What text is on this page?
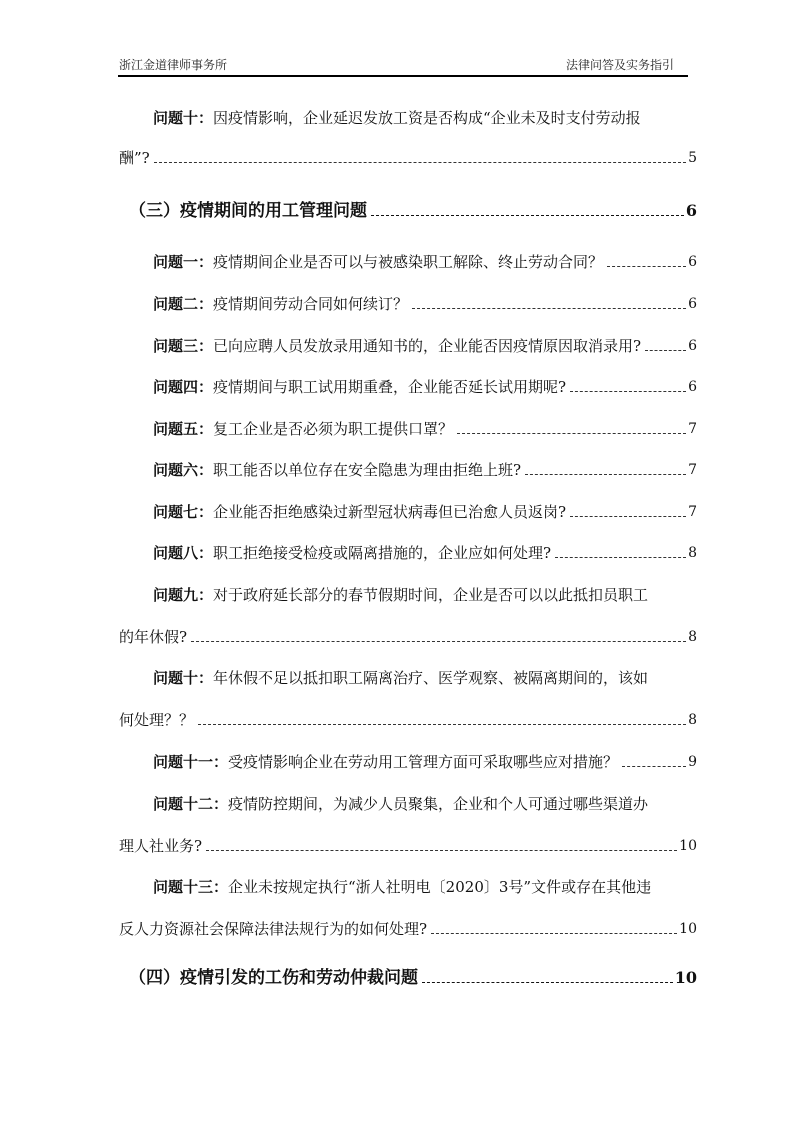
浙江金道律师事务所	法律问答及实务指引
问题十： 因疫情影响，企业延迟发放工资是否构成“企业未及时支付劳动报
酬”?	5
（三）疫情期间的用工管理问题	6
问题一： 疫情期间企业是否可以与被感染职工解除、终止劳动合同？	6
问题二： 疫情期间劳动合同如何续订？	6
问题三： 已向应聘人员发放录用通知书的，企业能否因疫情原因取消录用?	6
问题四： 疫情期间与职工试用期重叠，企业能否延长试用期呢?	6
问题五： 复工企业是否必须为职工提供口罩？	7
问题六： 职工能否以单位存在安全隐患为理由拒绝上班?	7
问题七： 企业能否拒绝感染过新型冠状病毒但已治愈人员返岗?	7
问题八： 职工拒绝接受检疫或隔离措施的，企业应如何处理?	8
问题九： 对于政府延长部分的春节假期时间，企业是否可以以此抵扣员职工
的年休假?	8
问题十： 年休假不足以抵扣职工隔离治疗、医学观察、被隔离期间的，该如
何处理？？	8
问题十一： 受疫情影响企业在劳动用工管理方面可采取哪些应对措施？	9
问题十二： 疫情防控期间，为减少人员聚集，企业和个人可通过哪些渠道办
理人社业务?	10
问题十三： 企业未按规定执行“浙人社明电〔2020〕3号”文件或存在其他违
反人力资源社会保障法律法规行为的如何处理?	10
（四）疫情引发的工伤和劳动仲裁问题	10
